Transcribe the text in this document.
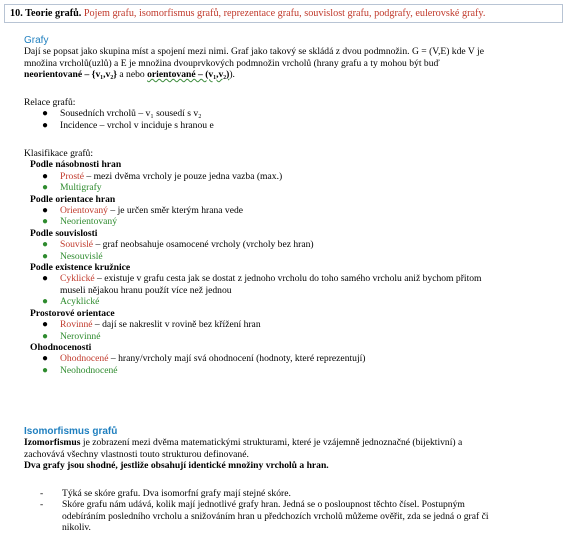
10. Teorie grafů. Pojem grafu, isomorfismus grafů, reprezentace grafu, souvislost grafu, podgrafy, eulerovské grafy.
Grafy
Dají se popsat jako skupina míst a spojení mezi nimi. Graf jako takový se skládá z dvou podmnožin. G = (V,E) kde V je
množina vrcholů(uzlů) a E je množina dvouprvkových podmnožin vrcholů (hrany grafu a ty mohou být buď
neorientované – {v₁,v₂} a nebo orientované – (v₁,v₂)).
Relace grafů:
● Sousedních vrcholů – v₁ sousedí s v₂
● Incidence – vrchol v inciduje s hranou e
Klasifikace grafů:
Podle násobnosti hran
● Prosté – mezi dvěma vrcholy je pouze jedna vazba (max.)
● Multigrafy
Podle orientace hran
● Orientovaný – je určen směr kterým hrana vede
● Neorientovaný
Podle souvislosti
● Souvislé – graf neobsahuje osamocené vrcholy (vrcholy bez hran)
● Nesouvislé
Podle existence kružnice
● Cyklické – existuje v grafu cesta jak se dostat z jednoho vrcholu do toho samého vrcholu aniž bychom přitom
museli nějakou hranu použít více než jednou
● Acyklické
Prostorové orientace
● Rovinné – dají se nakreslit v rovině bez křížení hran
● Nerovinné
Ohodnocenosti
● Ohodnocené – hrany/vrcholy mají svá ohodnocení (hodnoty, které reprezentují)
● Neohodnocené
Isomorfismus grafů
Izomorfismus je zobrazení mezi dvěma matematickými strukturami, které je vzájemně jednoznačné (bijektivní) a
zachovává všechny vlastnosti touto strukturou definované.
Dva grafy jsou shodné, jestliže obsahují identické množiny vrcholů a hran.
- Týká se skóre grafu. Dva isomorfní grafy mají stejné skóre.
- Skóre grafu nám udává, kolik mají jednotlivé grafy hran. Jedná se o posloupnost těchto čísel. Postupným
odebíráním posledního vrcholu a snižováním hran u předchozích vrcholů můžeme ověřit, zda se jedná o graf či
nikoliv.
